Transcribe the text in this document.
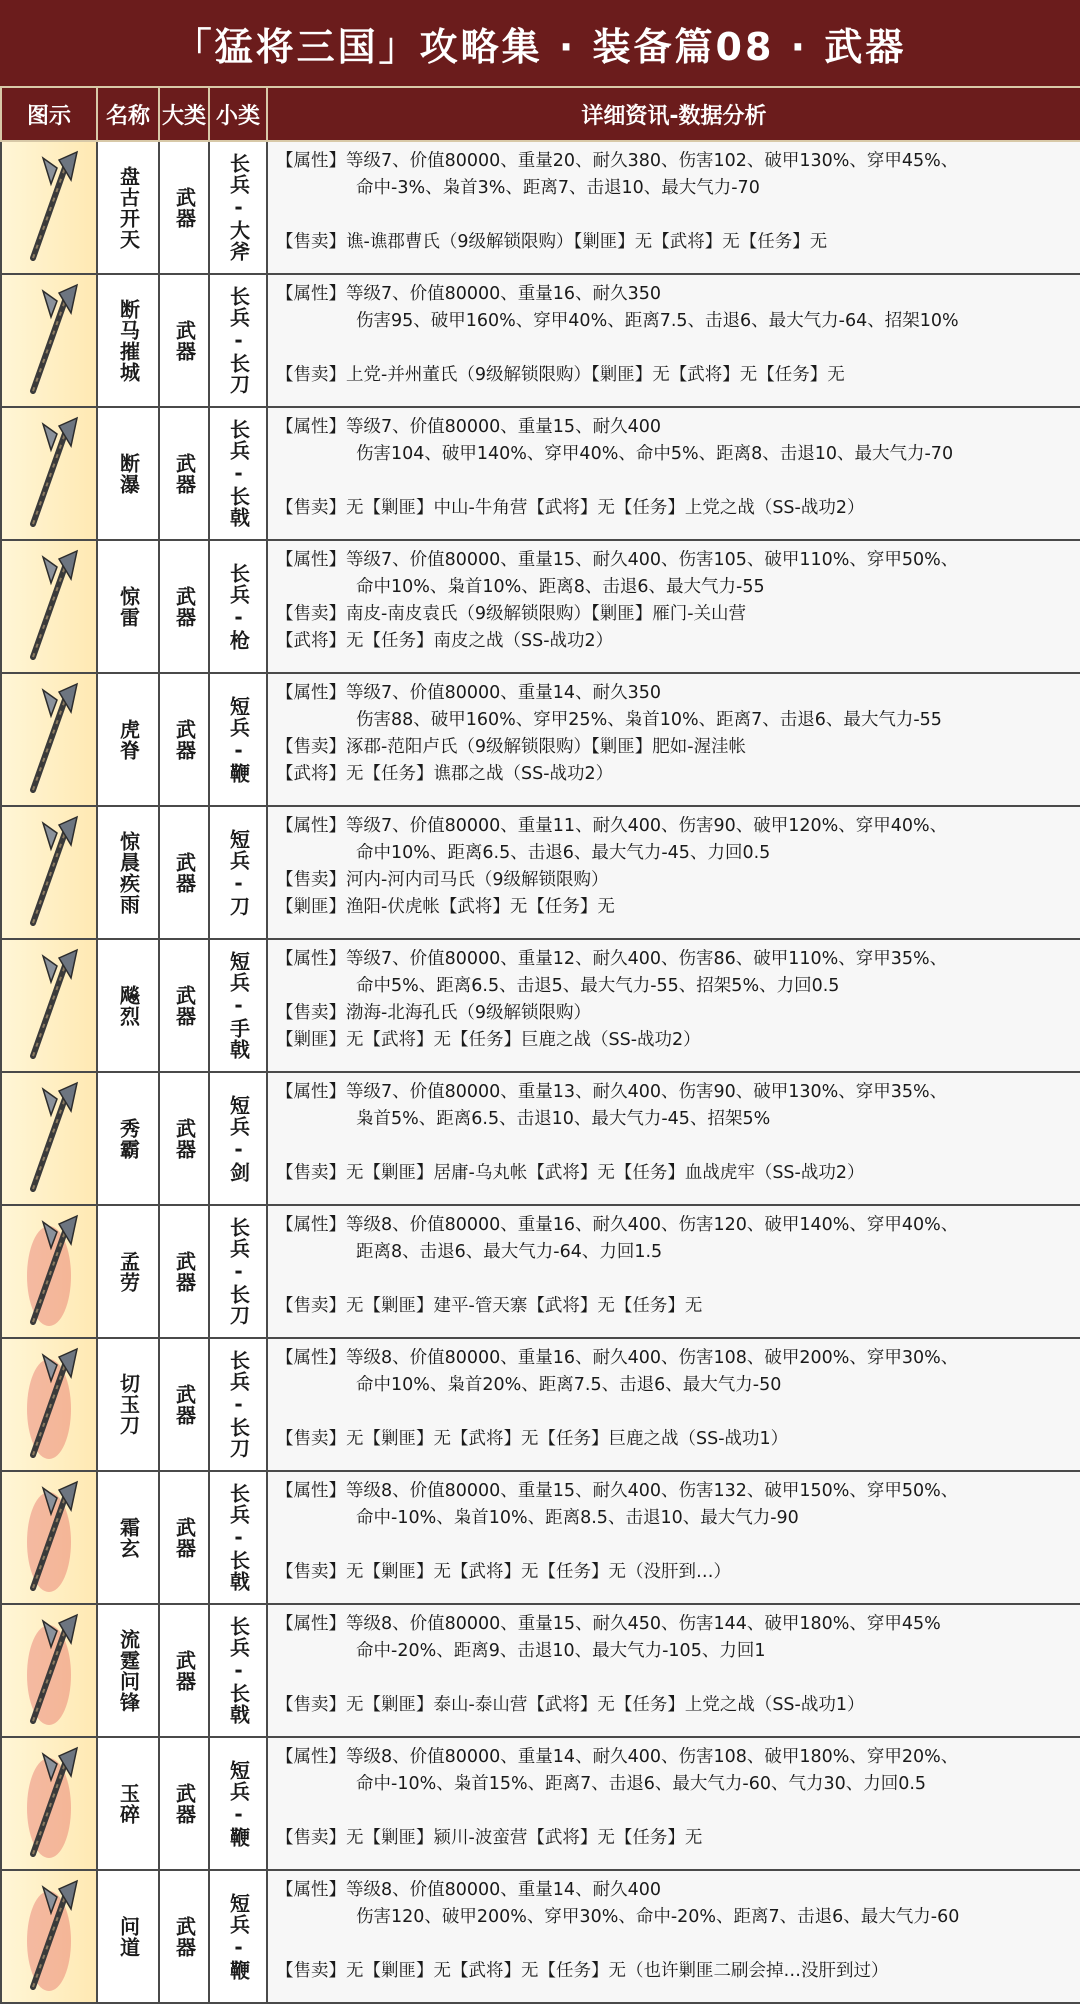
「猛将三国」攻略集 · 装备篇08 · 武器
图示	名称	大类	小类	详细资讯-数据分析

	盘古开天	武器	长兵-大斧	【属性】等级7、价值80000、重量20、耐久380、伤害102、破甲130%、穿甲45%、
命中-3%、枭首3%、距离7、击退10、最大气力-70
【售卖】谯-谯郡曹氏（9级解锁限购）【剿匪】无【武将】无【任务】无

	断马摧城	武器	长兵-长刀	【属性】等级7、价值80000、重量16、耐久350
伤害95、破甲160%、穿甲40%、距离7.5、击退6、最大气力-64、招架10%
【售卖】上党-并州董氏（9级解锁限购）【剿匪】无【武将】无【任务】无

	断瀑	武器	长兵-长戟	【属性】等级7、价值80000、重量15、耐久400
伤害104、破甲140%、穿甲40%、命中5%、距离8、击退10、最大气力-70
【售卖】无【剿匪】中山-牛角营【武将】无【任务】上党之战（SS-战功2）

	惊雷	武器	长兵-枪	【属性】等级7、价值80000、重量15、耐久400、伤害105、破甲110%、穿甲50%、
命中10%、枭首10%、距离8、击退6、最大气力-55
【售卖】南皮-南皮袁氏（9级解锁限购）【剿匪】雁门-关山营
【武将】无【任务】南皮之战（SS-战功2）

	虎脊	武器	短兵-鞭	【属性】等级7、价值80000、重量14、耐久350
伤害88、破甲160%、穿甲25%、枭首10%、距离7、击退6、最大气力-55
【售卖】涿郡-范阳卢氏（9级解锁限购）【剿匪】肥如-渥洼帐
【武将】无【任务】谯郡之战（SS-战功2）

	惊晨疾雨	武器	短兵-刀	【属性】等级7、价值80000、重量11、耐久400、伤害90、破甲120%、穿甲40%、
命中10%、距离6.5、击退6、最大气力-45、力回0.5
【售卖】河内-河内司马氏（9级解锁限购）
【剿匪】渔阳-伏虎帐【武将】无【任务】无

	飚烈	武器	短兵-手戟	【属性】等级7、价值80000、重量12、耐久400、伤害86、破甲110%、穿甲35%、
命中5%、距离6.5、击退5、最大气力-55、招架5%、力回0.5
【售卖】渤海-北海孔氏（9级解锁限购）
【剿匪】无【武将】无【任务】巨鹿之战（SS-战功2）

	秀霸	武器	短兵-剑	【属性】等级7、价值80000、重量13、耐久400、伤害90、破甲130%、穿甲35%、
枭首5%、距离6.5、击退10、最大气力-45、招架5%
【售卖】无【剿匪】居庸-乌丸帐【武将】无【任务】血战虎牢（SS-战功2）

	孟劳	武器	长兵-长刀	【属性】等级8、价值80000、重量16、耐久400、伤害120、破甲140%、穿甲40%、
距离8、击退6、最大气力-64、力回1.5
【售卖】无【剿匪】建平-管天寨【武将】无【任务】无

	切玉刀	武器	长兵-长刀	【属性】等级8、价值80000、重量16、耐久400、伤害108、破甲200%、穿甲30%、
命中10%、枭首20%、距离7.5、击退6、最大气力-50
【售卖】无【剿匪】无【武将】无【任务】巨鹿之战（SS-战功1）

	霜玄	武器	长兵-长戟	【属性】等级8、价值80000、重量15、耐久400、伤害132、破甲150%、穿甲50%、
命中-10%、枭首10%、距离8.5、击退10、最大气力-90
【售卖】无【剿匪】无【武将】无【任务】无（没肝到…）

	流霆问锋	武器	长兵-长戟	【属性】等级8、价值80000、重量15、耐久450、伤害144、破甲180%、穿甲45%
命中-20%、距离9、击退10、最大气力-105、力回1
【售卖】无【剿匪】泰山-泰山营【武将】无【任务】上党之战（SS-战功1）

	玉碎	武器	短兵-鞭	【属性】等级8、价值80000、重量14、耐久400、伤害108、破甲180%、穿甲20%、
命中-10%、枭首15%、距离7、击退6、最大气力-60、气力30、力回0.5
【售卖】无【剿匪】颍川-波蛮营【武将】无【任务】无

	问道	武器	短兵-鞭	【属性】等级8、价值80000、重量14、耐久400
伤害120、破甲200%、穿甲30%、命中-20%、距离7、击退6、最大气力-60
【售卖】无【剿匪】无【武将】无【任务】无（也许剿匪二刷会掉…没肝到过）
